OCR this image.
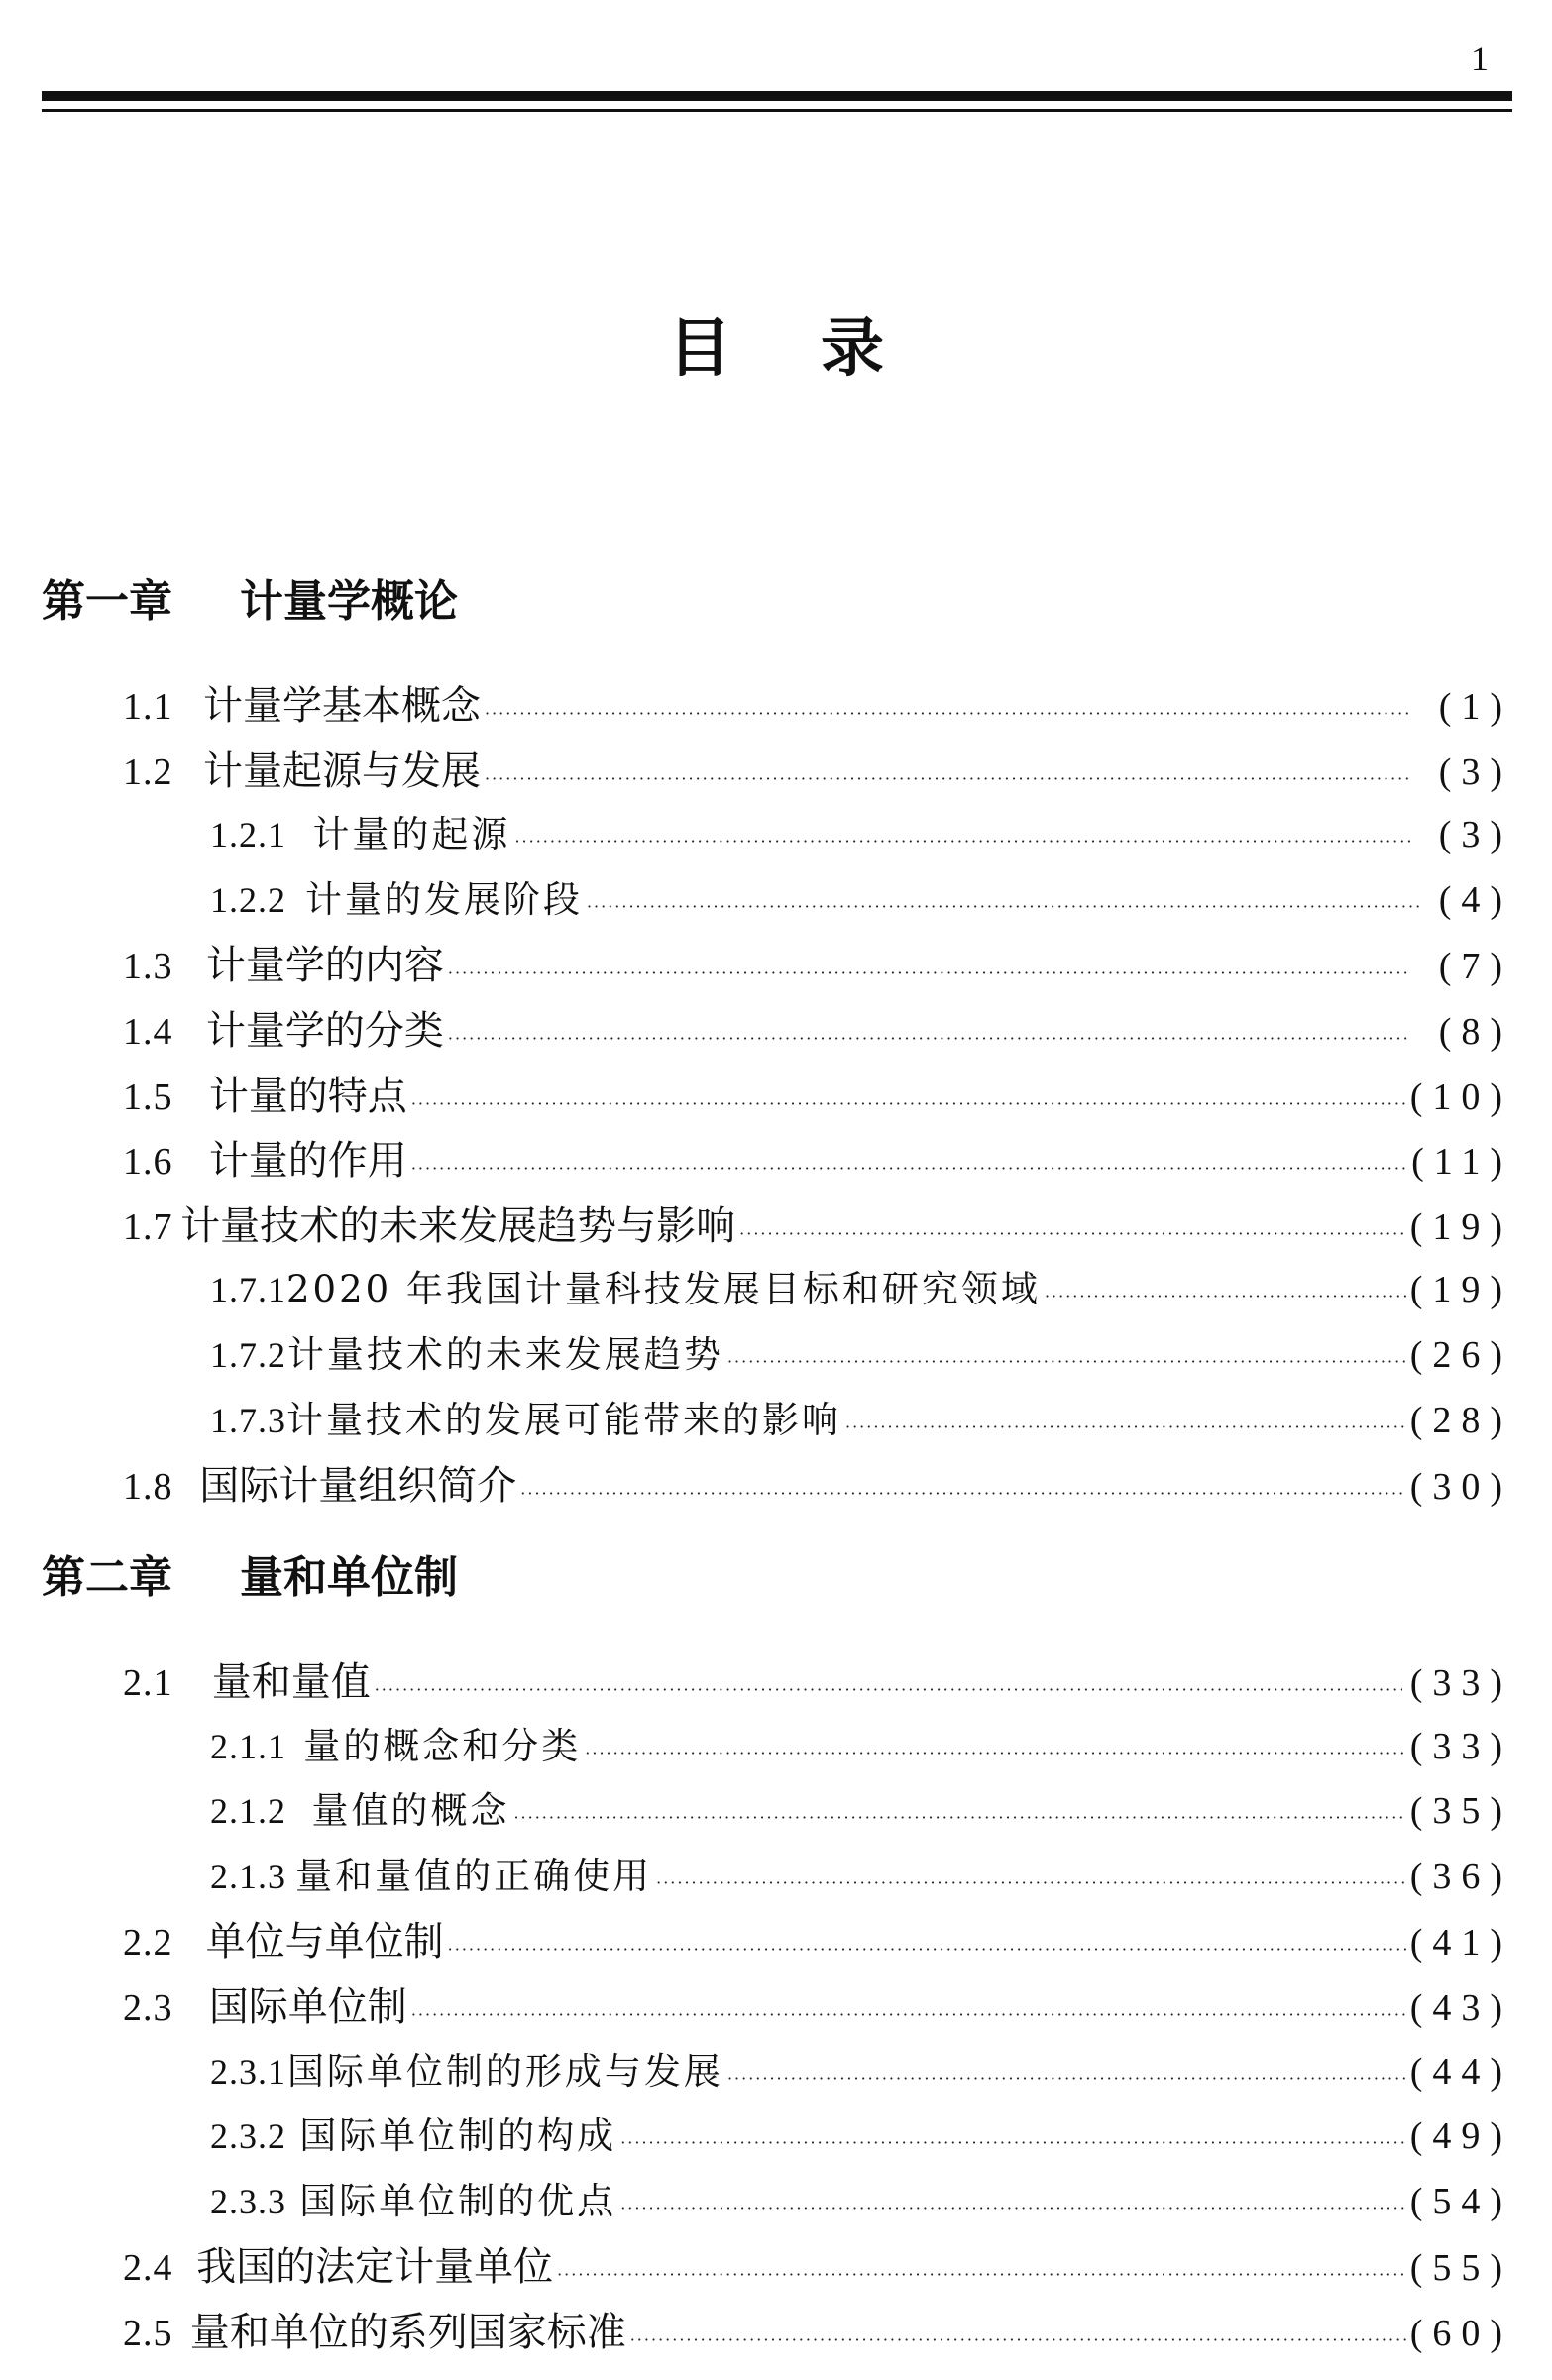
1
目录
第一章 计量学概论
1.1 计量学基本概念 ·····	(1)
1.2 计量起源与发展 ·····	(3)
1.2.1 计量的起源 ·····	(3)
1.2.2 计量的发展阶段 ·····	(4)
1.3 计量学的内容 ·····	(7)
1.4 计量学的分类 ·····	(8)
1.5 计量的特点 ·····	(10)
1.6 计量的作用 ·····	(11)
1.7 计量技术的未来发展趋势与影响 ·····	(19)
1.7.1 2020 年我国计量科技发展目标和研究领域 ·····	(19)
1.7.2 计量技术的未来发展趋势 ·····	(26)
1.7.3 计量技术的发展可能带来的影响 ·····	(28)
1.8 国际计量组织简介 ·····	(30)
第二章 量和单位制
2.1 量和量值 ·····	(33)
2.1.1 量的概念和分类 ·····	(33)
2.1.2 量值的概念 ·····	(35)
2.1.3 量和量值的正确使用 ·····	(36)
2.2 单位与单位制 ·····	(41)
2.3 国际单位制 ·····	(43)
2.3.1 国际单位制的形成与发展 ·····	(44)
2.3.2 国际单位制的构成 ·····	(49)
2.3.3 国际单位制的优点 ·····	(54)
2.4 我国的法定计量单位 ·····	(55)
2.5 量和单位的系列国家标准 ·····	(60)
